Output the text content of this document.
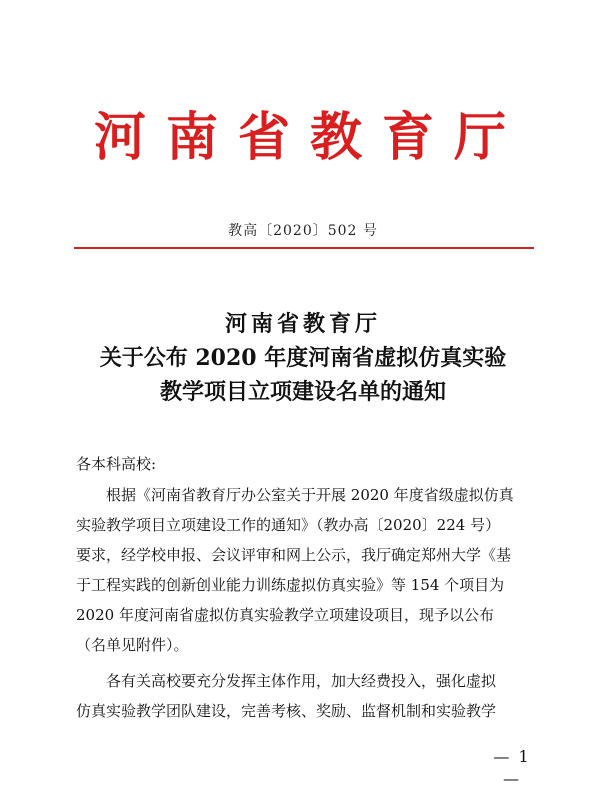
河南省教育厅
教高〔2020〕502 号
河南省教育厅
关于公布 2020 年度河南省虚拟仿真实验
教学项目立项建设名单的通知
各本科高校:

根据《河南省教育厅办公室关于开展 2020 年度省级虚拟仿真
实验教学项目立项建设工作的通知》（教办高〔2020〕224 号）
要求，经学校申报、会议评审和网上公示，我厅确定郑州大学《基
于工程实践的创新创业能力训练虚拟仿真实验》等 154 个项目为
2020 年度河南省虚拟仿真实验教学立项建设项目，现予以公布
（名单见附件）。

各有关高校要充分发挥主体作用，加大经费投入，强化虚拟
仿真实验教学团队建设，完善考核、奖励、监督机制和实验教学

— 1 —
